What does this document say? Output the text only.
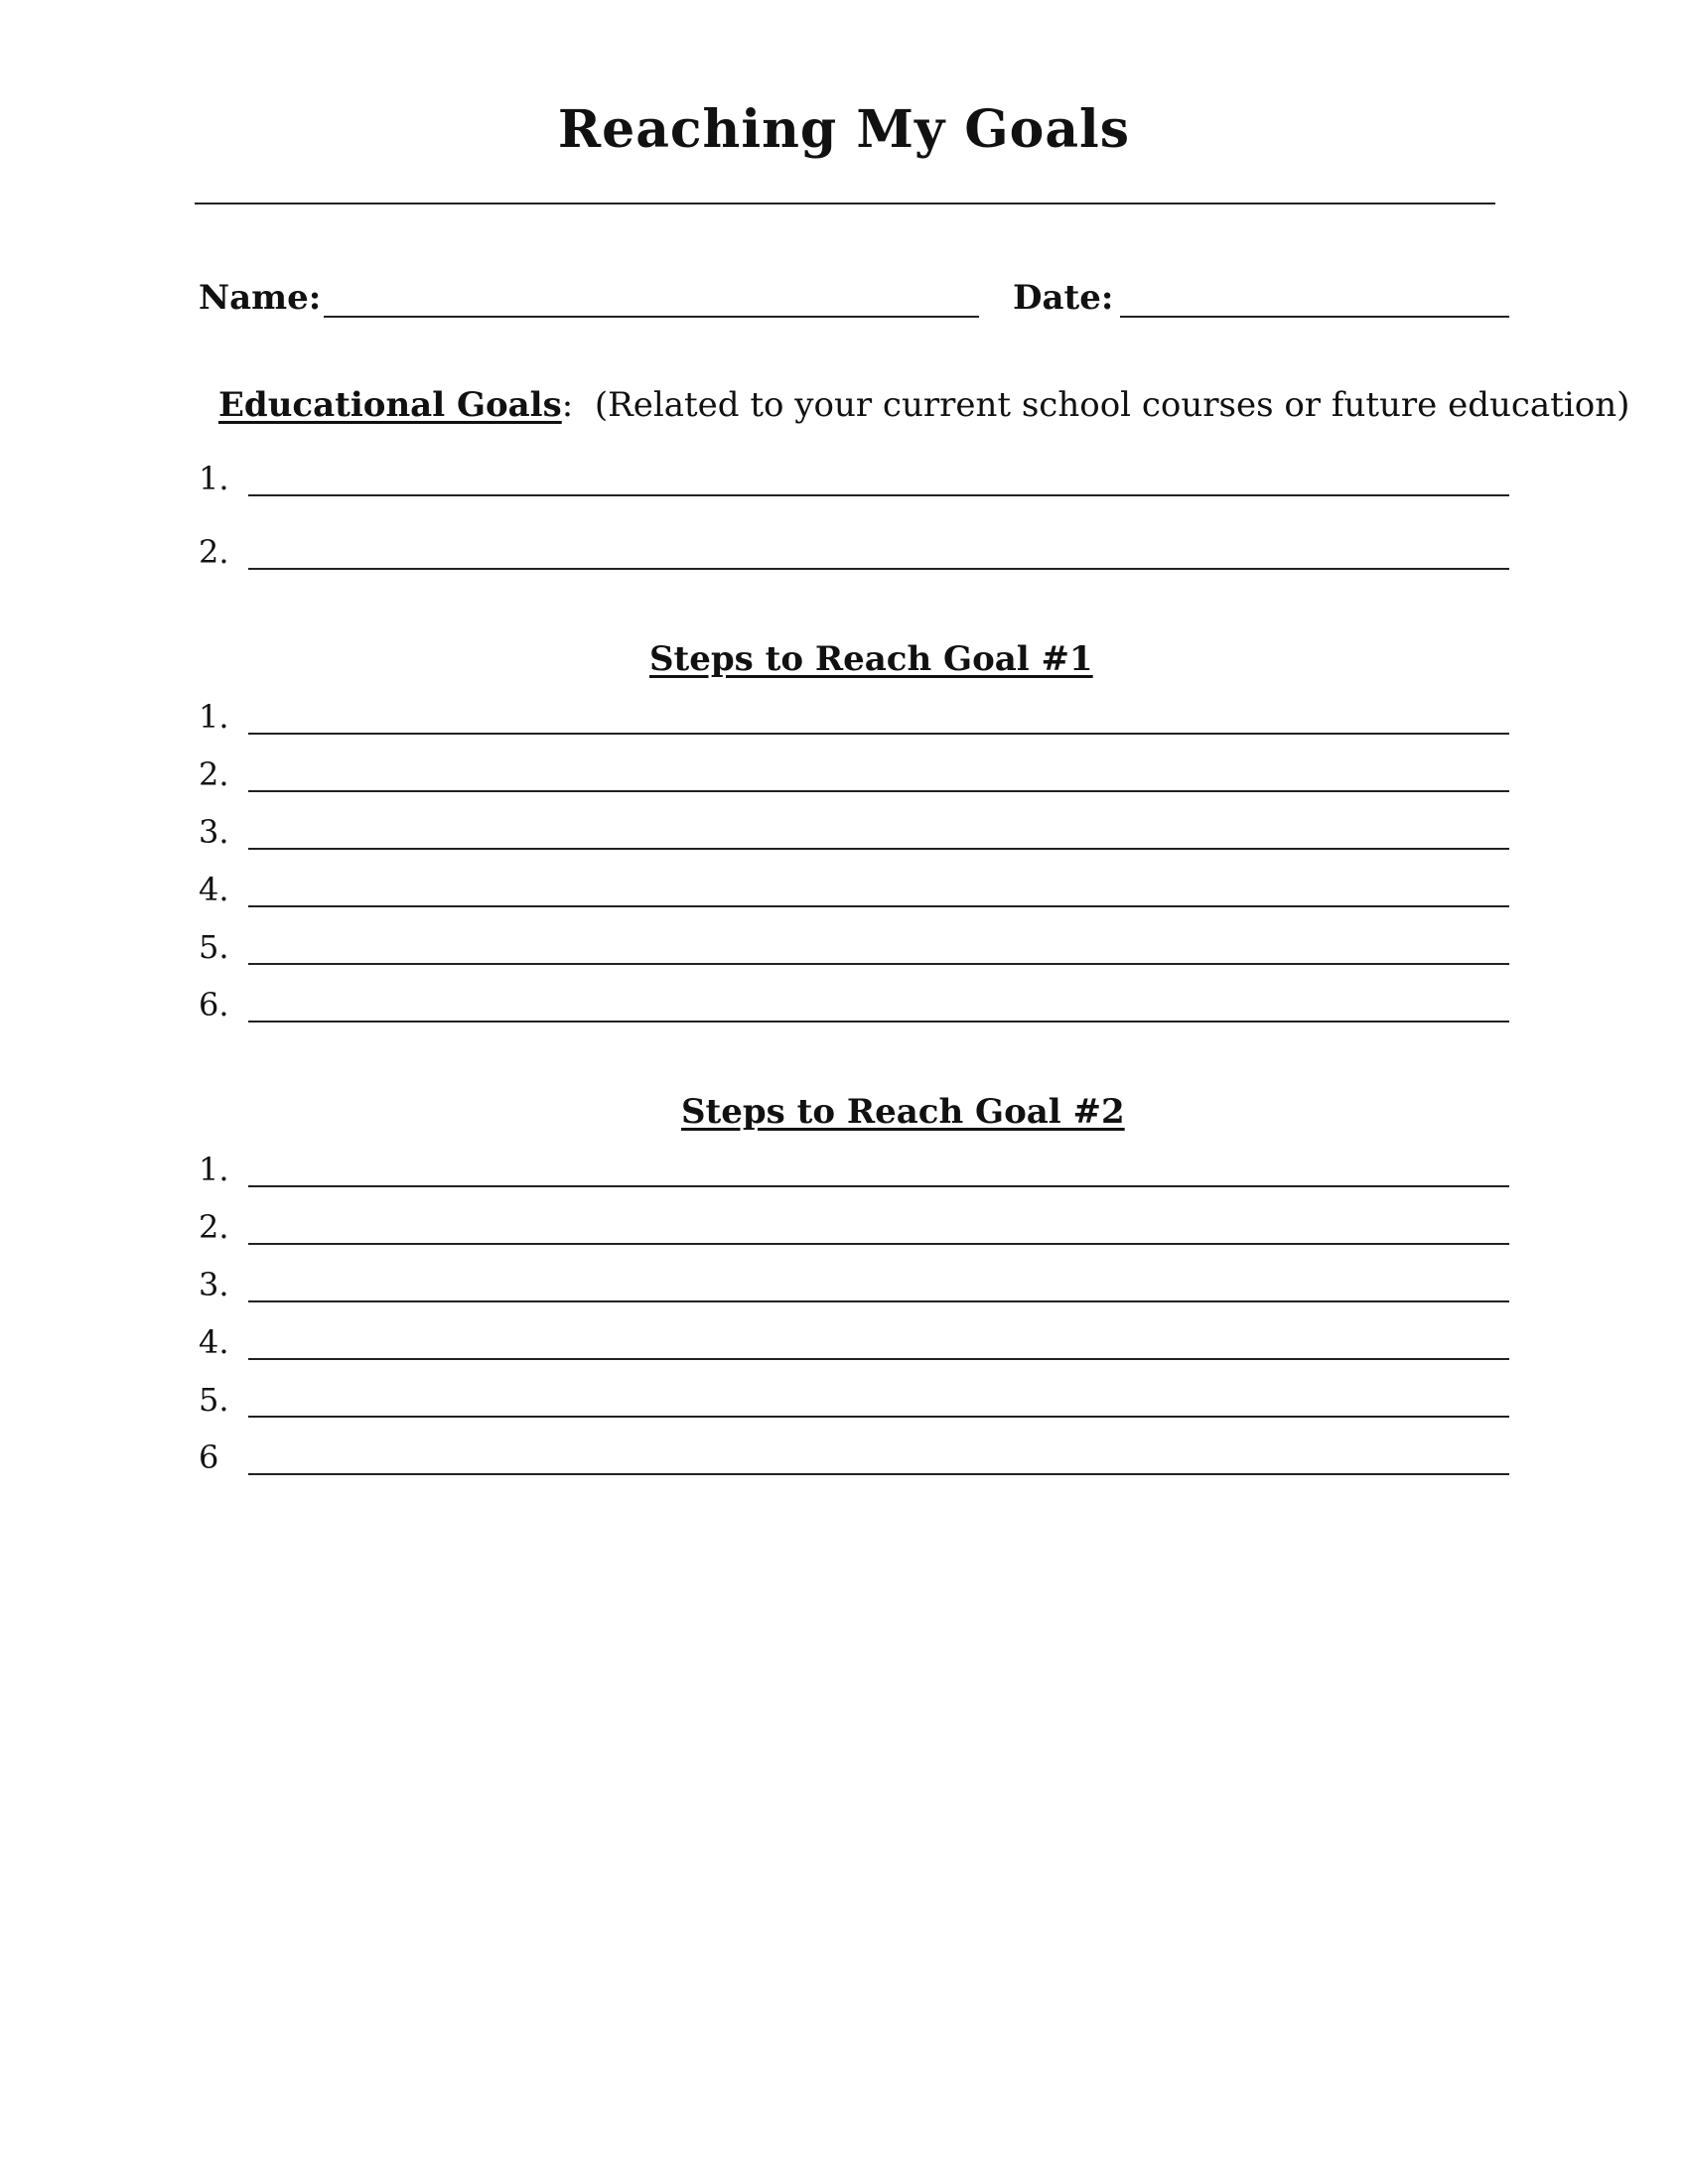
Reaching My Goals
Name:	Date:
Educational Goals: (Related to your current school courses or future education)
1.
2.
Steps to Reach Goal #1
1.
2.
3.
4.
5.
6.
Steps to Reach Goal #2
1.
2.
3.
4.
5.
6
